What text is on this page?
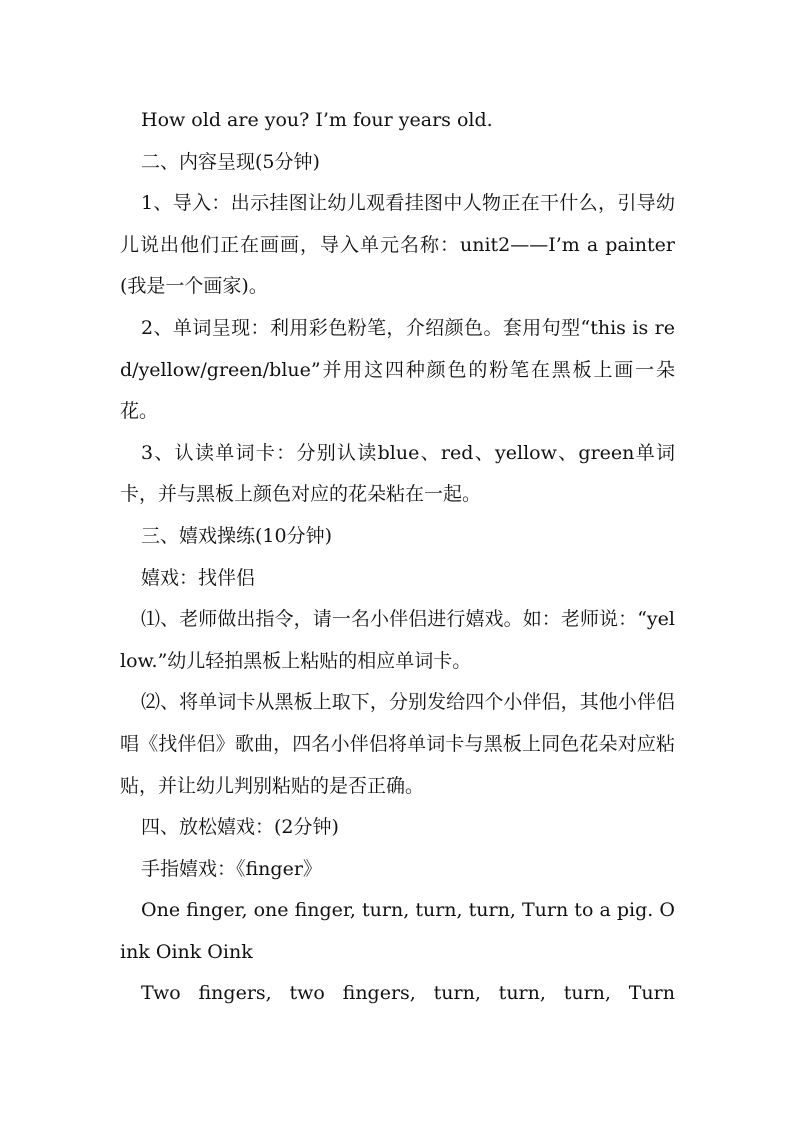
How old are you? I’m four years old.

二、内容呈现(5分钟)

1、导入：出示挂图让幼儿观看挂图中人物正在干什么，引导幼儿说出他们正在画画，导入单元名称：unit2——I’m a painter(我是一个画家)。

2、单词呈现：利用彩色粉笔，介绍颜色。套用句型“this is red/yellow/green/blue”并用这四种颜色的粉笔在黑板上画一朵花。

3、认读单词卡：分别认读blue、red、yellow、green单词卡，并与黑板上颜色对应的花朵粘在一起。

三、嬉戏操练(10分钟)

嬉戏：找伴侣

⑴、老师做出指令，请一名小伴侣进行嬉戏。如：老师说：“yellow.”幼儿轻拍黑板上粘贴的相应单词卡。

⑵、将单词卡从黑板上取下，分别发给四个小伴侣，其他小伴侣唱《找伴侣》歌曲，四名小伴侣将单词卡与黑板上同色花朵对应粘贴，并让幼儿判别粘贴的是否正确。

四、放松嬉戏：(2分钟)

手指嬉戏：《finger》

One finger, one finger, turn, turn, turn, Turn to a pig. Oink Oink Oink

Two fingers, two fingers, turn, turn, turn, Turn
